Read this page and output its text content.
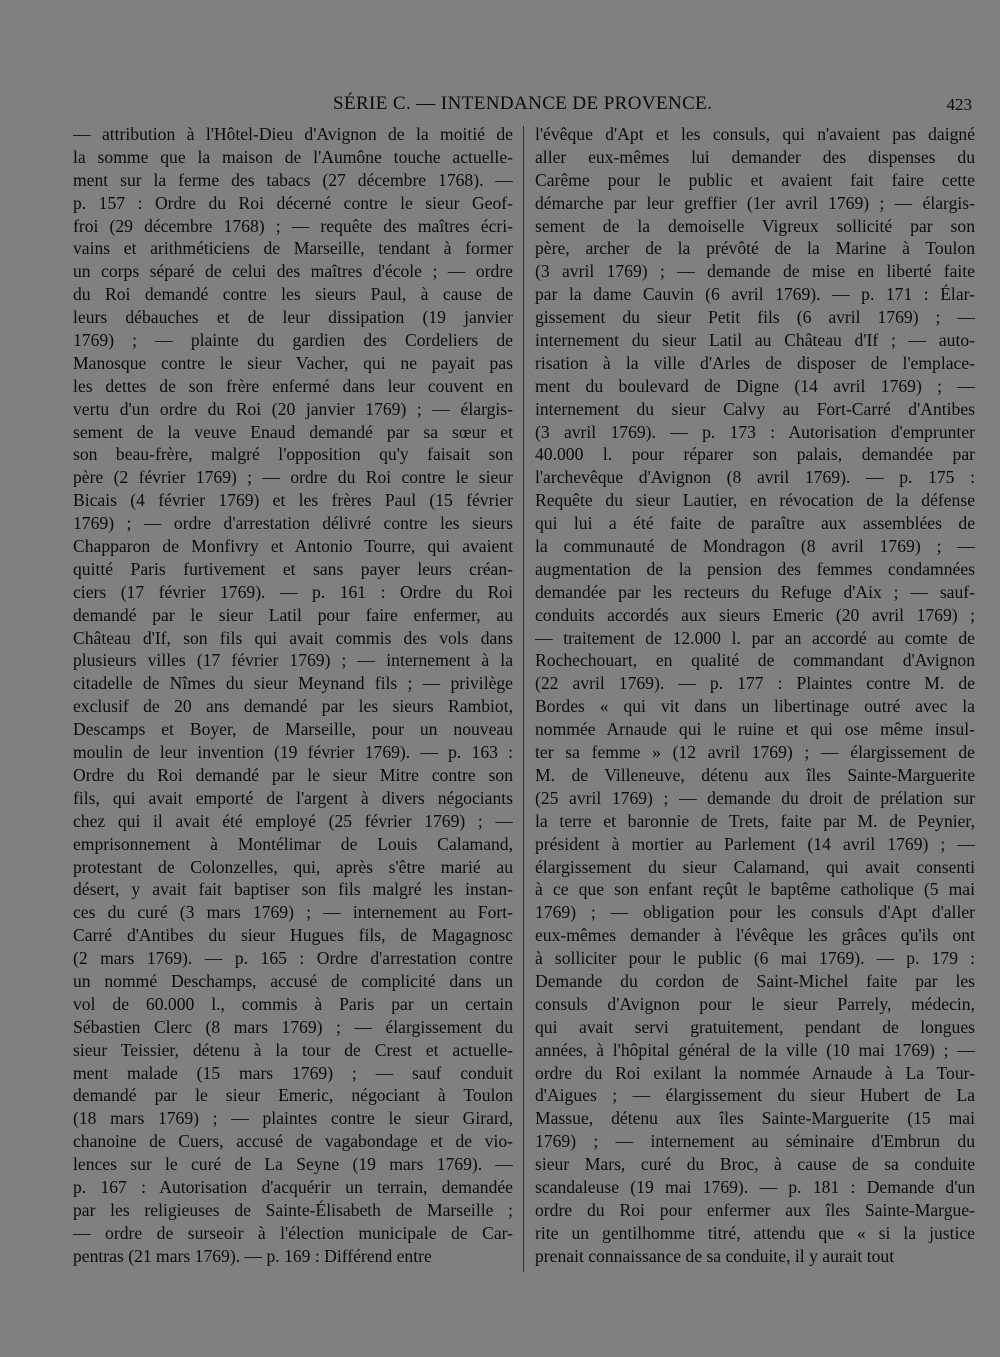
SÉRIE C. — INTENDANCE DE PROVENCE.	423
— attribution à l'Hôtel-Dieu d'Avignon de la moitié de
la somme que la maison de l'Aumône touche actuelle-
ment sur la ferme des tabacs (27 décembre 1768). —
p. 157 : Ordre du Roi décerné contre le sieur Geof-
froi (29 décembre 1768) ; — requête des maîtres écri-
vains et arithméticiens de Marseille, tendant à former
un corps séparé de celui des maîtres d'école ; — ordre
du Roi demandé contre les sieurs Paul, à cause de
leurs débauches et de leur dissipation (19 janvier
1769) ; — plainte du gardien des Cordeliers de
Manosque contre le sieur Vacher, qui ne payait pas
les dettes de son frère enfermé dans leur couvent en
vertu d'un ordre du Roi (20 janvier 1769) ; — élargis-
sement de la veuve Enaud demandé par sa sœur et
son beau-frère, malgré l'opposition qu'y faisait son
père (2 février 1769) ; — ordre du Roi contre le sieur
Bicais (4 février 1769) et les frères Paul (15 février
1769) ; — ordre d'arrestation délivré contre les sieurs
Chapparon de Monfivry et Antonio Tourre, qui avaient
quitté Paris furtivement et sans payer leurs créan-
ciers (17 février 1769). — p. 161 : Ordre du Roi
demandé par le sieur Latil pour faire enfermer, au
Château d'If, son fils qui avait commis des vols dans
plusieurs villes (17 février 1769) ; — internement à la
citadelle de Nîmes du sieur Meynand fils ; — privilège
exclusif de 20 ans demandé par les sieurs Rambiot,
Descamps et Boyer, de Marseille, pour un nouveau
moulin de leur invention (19 février 1769). — p. 163 :
Ordre du Roi demandé par le sieur Mitre contre son
fils, qui avait emporté de l'argent à divers négociants
chez qui il avait été employé (25 février 1769) ; —
emprisonnement à Montélimar de Louis Calamand,
protestant de Colonzelles, qui, après s'être marié au
désert, y avait fait baptiser son fils malgré les instan-
ces du curé (3 mars 1769) ; — internement au Fort-
Carré d'Antibes du sieur Hugues fils, de Magagnosc
(2 mars 1769). — p. 165 : Ordre d'arrestation contre
un nommé Deschamps, accusé de complicité dans un
vol de 60.000 l., commis à Paris par un certain
Sébastien Clerc (8 mars 1769) ; — élargissement du
sieur Teissier, détenu à la tour de Crest et actuelle-
ment malade (15 mars 1769) ; — sauf conduit
demandé par le sieur Emeric, négociant à Toulon
(18 mars 1769) ; — plaintes contre le sieur Girard,
chanoine de Cuers, accusé de vagabondage et de vio-
lences sur le curé de La Seyne (19 mars 1769). —
p. 167 : Autorisation d'acquérir un terrain, demandée
par les religieuses de Sainte-Élisabeth de Marseille ;
— ordre de surseoir à l'élection municipale de Car-
pentras (21 mars 1769). — p. 169 : Différend entre
l'évêque d'Apt et les consuls, qui n'avaient pas daigné
aller eux-mêmes lui demander des dispenses du
Carême pour le public et avaient fait faire cette
démarche par leur greffier (1er avril 1769) ; — élargis-
sement de la demoiselle Vigreux sollicité par son
père, archer de la prévôté de la Marine à Toulon
(3 avril 1769) ; — demande de mise en liberté faite
par la dame Cauvin (6 avril 1769). — p. 171 : Élar-
gissement du sieur Petit fils (6 avril 1769) ; —
internement du sieur Latil au Château d'If ; — auto-
risation à la ville d'Arles de disposer de l'emplace-
ment du boulevard de Digne (14 avril 1769) ; —
internement du sieur Calvy au Fort-Carré d'Antibes
(3 avril 1769). — p. 173 : Autorisation d'emprunter
40.000 l. pour réparer son palais, demandée par
l'archevêque d'Avignon (8 avril 1769). — p. 175 :
Requête du sieur Lautier, en révocation de la défense
qui lui a été faite de paraître aux assemblées de
la communauté de Mondragon (8 avril 1769) ; —
augmentation de la pension des femmes condamnées
demandée par les recteurs du Refuge d'Aix ; — sauf-
conduits accordés aux sieurs Emeric (20 avril 1769) ;
— traitement de 12.000 l. par an accordé au comte de
Rochechouart, en qualité de commandant d'Avignon
(22 avril 1769). — p. 177 : Plaintes contre M. de
Bordes « qui vit dans un libertinage outré avec la
nommée Arnaude qui le ruine et qui ose même insul-
ter sa femme » (12 avril 1769) ; — élargissement de
M. de Villeneuve, détenu aux îles Sainte-Marguerite
(25 avril 1769) ; — demande du droit de prélation sur
la terre et baronnie de Trets, faite par M. de Peynier,
président à mortier au Parlement (14 avril 1769) ; —
élargissement du sieur Calamand, qui avait consenti
à ce que son enfant reçût le baptême catholique (5 mai
1769) ; — obligation pour les consuls d'Apt d'aller
eux-mêmes demander à l'évêque les grâces qu'ils ont
à solliciter pour le public (6 mai 1769). — p. 179 :
Demande du cordon de Saint-Michel faite par les
consuls d'Avignon pour le sieur Parrely, médecin,
qui avait servi gratuitement, pendant de longues
années, à l'hôpital général de la ville (10 mai 1769) ; —
ordre du Roi exilant la nommée Arnaude à La Tour-
d'Aigues ; — élargissement du sieur Hubert de La
Massue, détenu aux îles Sainte-Marguerite (15 mai
1769) ; — internement au séminaire d'Embrun du
sieur Mars, curé du Broc, à cause de sa conduite
scandaleuse (19 mai 1769). — p. 181 : Demande d'un
ordre du Roi pour enfermer aux îles Sainte-Margue-
rite un gentilhomme titré, attendu que « si la justice
prenait connaissance de sa conduite, il y aurait tout
